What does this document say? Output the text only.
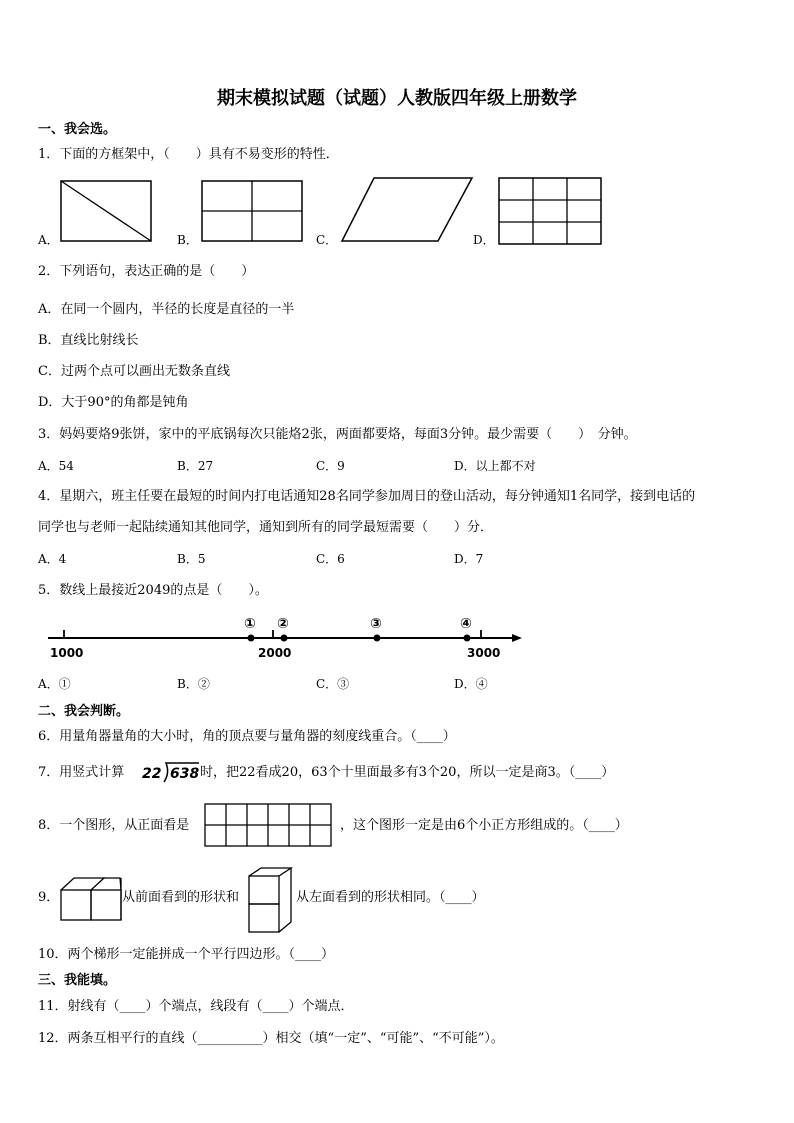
期末模拟试题（试题）人教版四年级上册数学
一、我会选。
1．下面的方框架中，（　　）具有不易变形的特性．
A．	B．	C．	D．
2．下列语句，表达正确的是（　　）
A．在同一个圆内，半径的长度是直径的一半
B．直线比射线长
C．过两个点可以画出无数条直线
D．大于90°的角都是钝角
3．妈妈要烙9张饼，家中的平底锅每次只能烙2张，两面都要烙，每面3分钟。最少需要（　　）　分钟。
A．54	B．27	C．9	D．以上都不对
4．星期六，班主任要在最短的时间内打电话通知28名同学参加周日的登山活动，每分钟通知1名同学，接到电话的
同学也与老师一起陆续通知其他同学，通知到所有的同学最短需要（　　）分．
A．4	B．5	C．6	D．7
5．数线上最接近2049的点是（　　）。
1000	2000	3000
① ②	③	④
A．①	B．②	C．③	D．④
二、我会判断。
6．用量角器量角的大小时，角的顶点要与量角器的刻度线重合。（____）
7．用竖式计算 22 638 时，把22看成20，63个十里面最多有3个20，所以一定是商3。（____）
8．一个图形，从正面看是	，这个图形一定是由6个小正方形组成的。（____）
9．	从前面看到的形状和	从左面看到的形状相同。（____）
10．两个梯形一定能拼成一个平行四边形。（____）
三、我能填。
11．射线有（____）个端点，线段有（____）个端点．
12．两条互相平行的直线（__________）相交（填“一定”、“可能”、“不可能”）。
